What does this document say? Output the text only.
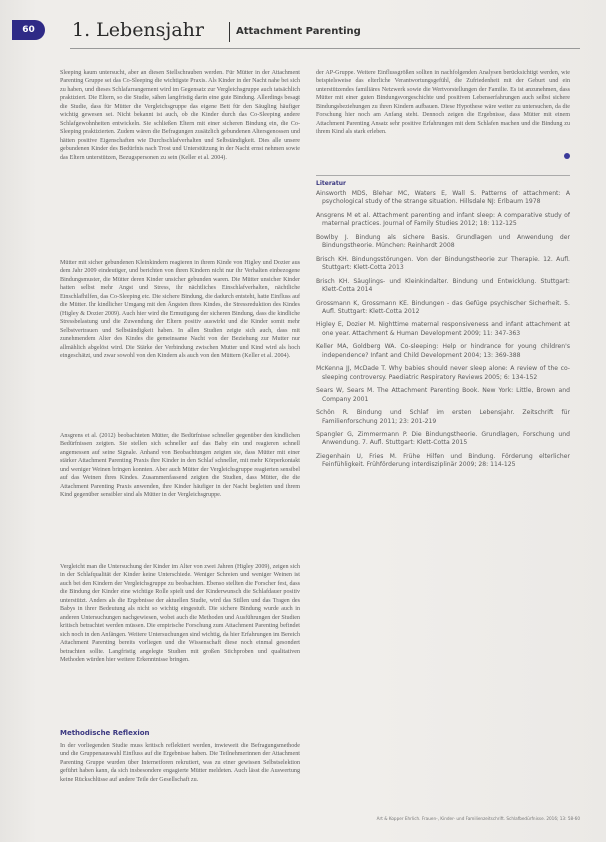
60 1. Lebensjahr	Attachment Parenting

Sleeping kaum untersucht, aber an diesen Stellschrauben werden. Für Mütter in der Attachment Parenting Gruppe sei das Co-Sleeping die wichtigste Praxis. Als Kinder in der Nacht nahe bei sich zu haben, und dieses Schlafarrangement wird im Gegensatz zur Vergleichsgruppe auch tatsächlich praktiziert. Die Eltern, so die Studie, sähen langfristig darin eine gute Bindung. Allerdings besagt die Studie, dass für Mütter die Vergleichsgruppe das eigene Bett für den Säugling häufiger wichtig gewesen sei. Nicht bekannt ist auch, ob die Kinder durch das Co-Sleeping andere Schlafgewohnheiten entwickeln. Sie schließen Eltern mit einer sicheren Bindung ein, die Co-Sleeping praktizierten. Zudem wären die Befragungen zusätzlich gebundenen Altersgenossen und hätten positive Eigenschaften wie Durchschlafverhalten und Selbständigkeit. Dies alle unsere gebundenen Kinder des Bedürfnis nach Trost und Unterstützung in der Nacht ernst nehmen sowie das Eltern unterstützen, Bezugspersonen zu sein (Keller et al. 2004).

Mütter mit sicher gebundenen Kleinkindern reagieren in ihrem Kinde von Higley und Dozier aus dem Jahr 2009 eindeutiger, und berichten von ihren Kindern nicht nur ihr Verhalten einbezogene Bindungsmuster, die Mütter deren Kinder unsicher gebunden waren. Die Mütter unsicher Kinder hatten selbst mehr Angst und Stress, ihr nächtliches Einschlafverhalten, nächtliche Einschlafhilfen, das Co-Sleeping etc. Die sichere Bindung, die dadurch entsteht, hatte Einfluss auf die Mütter. Ihr kindlicher Umgang mit den Ängsten ihres Kindes, die Stressreduktion des Kindes (Higley & Dozier 2009). Auch hier wird die Ermutigung der sicheren Bindung, dass die kindliche Stressbelastung und die Zuwendung der Eltern positiv auswirkt und die Kinder somit mehr Selbstvertrauen und Selbständigkeit haben. In allen Studien zeigte sich auch, dass mit zunehmendem Alter des Kindes die gemeinsame Nacht von der Beziehung zur Mutter nur allmählich abgelöst wird. Die Stärke der Verbindung zwischen Mutter und Kind wird als hoch eingeschätzt, und zwar sowohl von den Kindern als auch von den Müttern (Keller et al. 2004).

Ansgrens et al. (2012) beobachteten Mütter, die Bedürfnisse schneller gegenüber den kindlichen Bedürfnissen zeigten. Sie stellen sich schneller auf das Baby ein und reagieren schnell angemessen auf seine Signale. Anhand von Beobachtungen zeigten sie, dass Mütter mit einer stärker Attachment Parenting Praxis ihre Kinder in den Schlaf schneller, mit mehr Körperkontakt und weniger Weinen bringen konnten. Aber auch Mütter der Vergleichsgruppe reagierten sensibel auf das Weinen ihres Kindes. Zusammenfassend zeigten die Studien, dass Mütter, die die Attachment Parenting Praxis anwenden, ihre Kinder häufiger in der Nacht begleiten und ihrem Kind gegenüber sensibler sind als Mütter in der Vergleichsgruppe.

Vergleicht man die Untersuchung der Kinder im Alter von zwei Jahren (Higley 2009), zeigen sich in der Schlafqualität der Kinder keine Unterschiede. Weniger Schreien und weniger Weinen ist auch bei den Kindern der Vergleichsgruppe zu beobachten. Ebenso stellten die Forscher fest, dass die Bindung der Kinder eine wichtige Rolle spielt und der Kinderwunsch die Schlafdauer positiv unterstützt. Anders als die Ergebnisse der aktuellen Studie, wird das Stillen und das Tragen des Babys in ihrer Bedeutung als nicht so wichtig eingestuft. Die sichere Bindung wurde auch in anderen Untersuchungen nachgewiesen, wobei auch die Methoden und Ausführungen der Studien kritisch betrachtet werden müssen. Die empirische Forschung zum Attachment Parenting befindet sich noch in den Anfängen. Weitere Untersuchungen sind wichtig, da hier Erfahrungen im Bereich Attachment Parenting bereits vorliegen und die Wissenschaft diese noch einmal gesondert betrachten sollte. Langfristig angelegte Studien mit großen Stichproben und qualitativen Methoden würden hier weitere Erkenntnisse bringen.

Methodische Reflexion

In der vorliegenden Studie muss kritisch reflektiert werden, inwieweit die Befragungsmethode und die Gruppenauswahl Einfluss auf die Ergebnisse haben. Die Teilnehmerinnen der Attachment Parenting Gruppe wurden über Internetforen rekrutiert, was zu einer gewissen Selbstselektion geführt haben kann, da sich insbesondere engagierte Mütter meldeten. Auch lässt die Auswertung keine Rückschlüsse auf andere Teile der Gesellschaft zu.

der AP-Gruppe. Weitere Einflussgrößen sollten in nachfolgenden Analysen berücksichtigt werden, wie beispielsweise das elterliche Verantwortungsgefühl, die Zufriedenheit mit der Geburt und ein unterstützendes familiäres Netzwerk sowie die Wertvorstellungen der Familie. Es ist anzunehmen, dass Mütter mit einer guten Bindungsvorgeschichte und positiven Lebenserfahrungen auch selbst sichere Bindungsbeziehungen zu ihren Kindern aufbauen. Diese Hypothese wäre weiter zu untersuchen, da die Forschung hier noch am Anfang steht. Dennoch zeigen die Ergebnisse, dass Mütter mit einem Attachment Parenting Ansatz sehr positive Erfahrungen mit dem Schlafen machen und die Bindung zu ihrem Kind als stark erleben.

Literatur

Ainsworth MDS, Blehar MC, Waters E, Wall S. Patterns of attachment: A psychological study of the strange situation. Hillsdale NJ: Erlbaum 1978

Ansgrens M et al. Attachment parenting and infant sleep: A comparative study of maternal practices. Journal of Family Studies 2012; 18: 112-125

Bowlby J. Bindung als sichere Basis. Grundlagen und Anwendung der Bindungstheorie. München: Reinhardt 2008

Brisch KH. Bindungsstörungen. Von der Bindungstheorie zur Therapie. 12. Aufl. Stuttgart: Klett-Cotta 2013

Brisch KH. Säuglings- und Kleinkindalter. Bindung und Entwicklung. Stuttgart: Klett-Cotta 2014

Grossmann K, Grossmann KE. Bindungen - das Gefüge psychischer Sicherheit. 5. Aufl. Stuttgart: Klett-Cotta 2012

Higley E, Dozier M. Nighttime maternal responsiveness and infant attachment at one year. Attachment & Human Development 2009; 11: 347-363

Keller MA, Goldberg WA. Co-sleeping: Help or hindrance for young children's independence? Infant and Child Development 2004; 13: 369-388

McKenna JJ, McDade T. Why babies should never sleep alone: A review of the co-sleeping controversy. Paediatric Respiratory Reviews 2005; 6: 134-152

Sears W, Sears M. The Attachment Parenting Book. New York: Little, Brown and Company 2001

Schön R. Bindung und Schlaf im ersten Lebensjahr. Zeitschrift für Familienforschung 2011; 23: 201-219

Spangler G, Zimmermann P. Die Bindungstheorie. Grundlagen, Forschung und Anwendung. 7. Aufl. Stuttgart: Klett-Cotta 2015

Ziegenhain U, Fries M. Frühe Hilfen und Bindung. Förderung elterlicher Feinfühligkeit. Frühförderung interdisziplinär 2009; 28: 114-125

Art & Kopper Ehrlich. Frauen-, Kinder- und Familienzeitschrift. Schlafbedürfnisse. 2016; 13: 58-60
